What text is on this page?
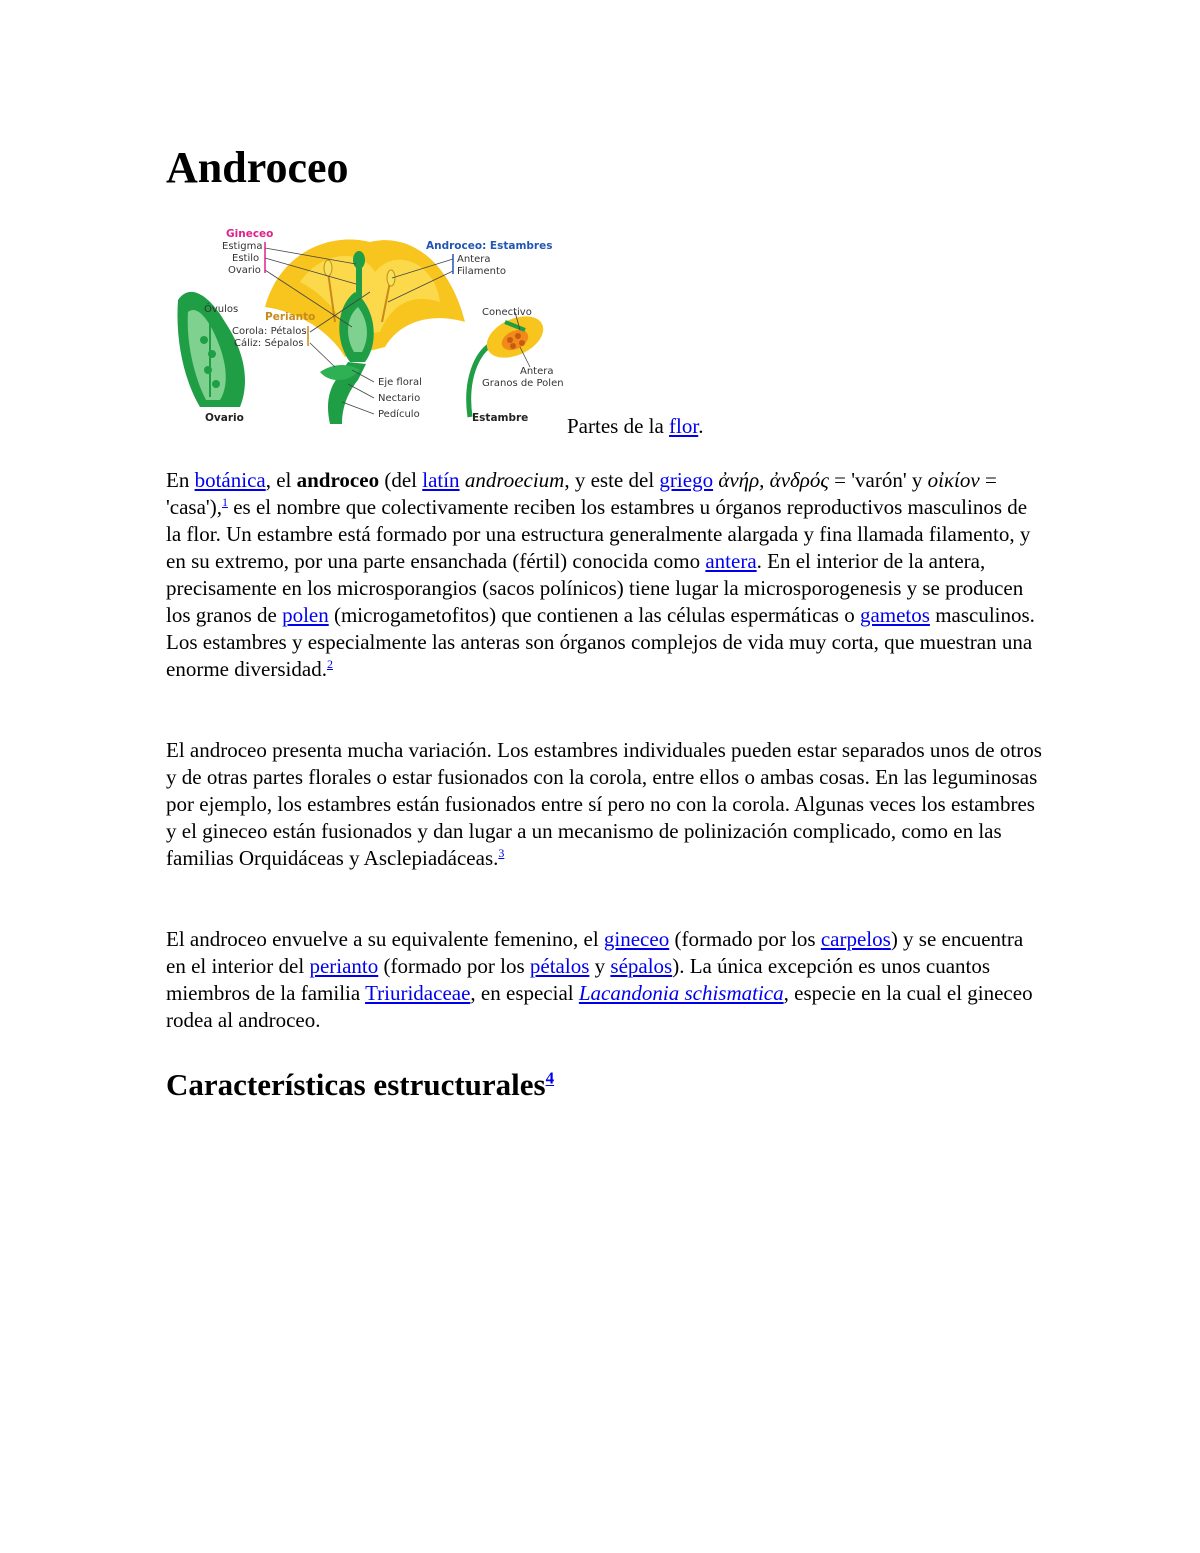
Androceo
Gineceo
Estigma
Estilo
Ovario
Androceo: Estambres
Antera
Filamento
Óvulos
Perianto
Corola: Pétalos
Cáliz: Sépalos
Conectivo
Antera
Granos de Polen
Eje floral
Nectario
Pedículo
Ovario	Estambre Partes de la flor.

En botánica, el androceo (del latín androecium, y este del griego ἀνήρ, ἀνδρός = 'varón' y οἰκίον = 'casa'),$^1$ es el nombre que colectivamente reciben los estambres u órganos reproductivos masculinos de la flor. Un estambre está formado por una estructura generalmente alargada y fina llamada filamento, y en su extremo, por una parte ensanchada (fértil) conocida como antera. En el interior de la antera, precisamente en los microsporangios (sacos polínicos) tiene lugar la microsporogenesis y se producen los granos de polen (microgametofitos) que contienen a las células espermáticas o gametos masculinos. Los estambres y especialmente las anteras son órganos complejos de vida muy corta, que muestran una enorme diversidad.$^2$

El androceo presenta mucha variación. Los estambres individuales pueden estar separados unos de otros y de otras partes florales o estar fusionados con la corola, entre ellos o ambas cosas. En las leguminosas por ejemplo, los estambres están fusionados entre sí pero no con la corola. Algunas veces los estambres y el gineceo están fusionados y dan lugar a un mecanismo de polinización complicado, como en las familias Orquidáceas y Asclepiadáceas.$^3$

El androceo envuelve a su equivalente femenino, el gineceo (formado por los carpelos) y se encuentra en el interior del perianto (formado por los pétalos y sépalos). La única excepción es unos cuantos miembros de la familia Triuridaceae, en especial Lacandonia schismatica, especie en la cual el gineceo rodea al androceo.

Características estructurales$^4$
